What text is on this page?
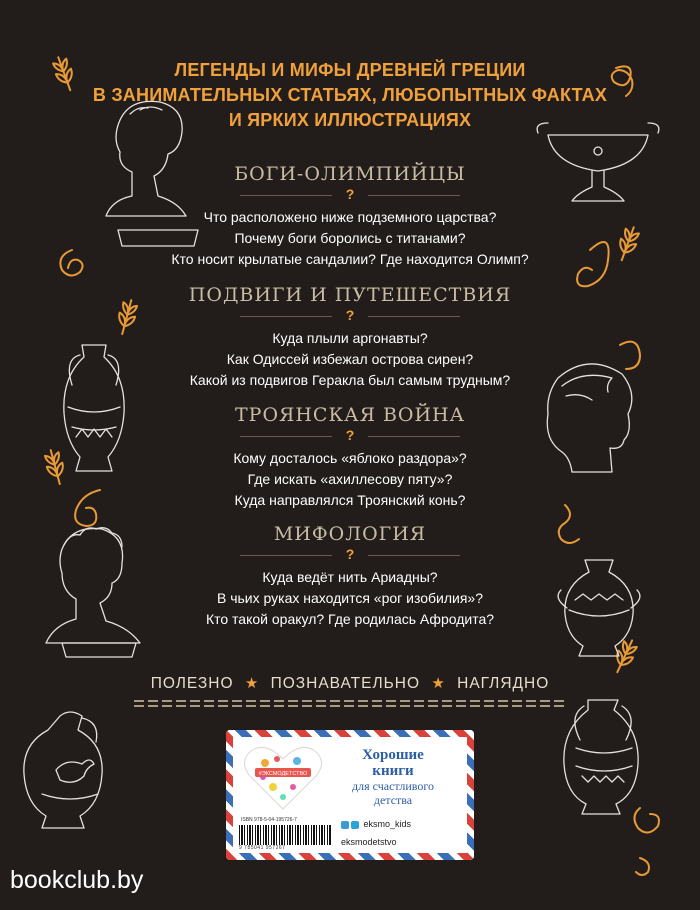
ЛЕГЕНДЫ И МИФЫ ДРЕВНЕЙ ГРЕЦИИ
В ЗАНИМАТЕЛЬНЫХ СТАТЬЯХ, ЛЮБОПЫТНЫХ ФАКТАХ
И ЯРКИХ ИЛЛЮСТРАЦИЯХ
БОГИ-ОЛИМПИЙЦЫ
?
Что расположено ниже подземного царства?
Почему боги боролись с титанами?
Кто носит крылатые сандалии? Где находится Олимп?
ПОДВИГИ И ПУТЕШЕСТВИЯ
?
Куда плыли аргонавты?
Как Одиссей избежал острова сирен?
Какой из подвигов Геракла был самым трудным?
ТРОЯНСКАЯ ВОЙНА
?
Кому досталось «яблоко раздора»?
Где искать «ахиллесову пяту»?
Куда направлялся Троянский конь?
МИФОЛОГИЯ
?
Куда ведёт нить Ариадны?
В чьих руках находится «рог изобилия»?
Кто такой оракул? Где родилась Афродита?
ПОЛЕЗНО ★ ПОЗНАВАТЕЛЬНО ★ НАГЛЯДНО
#ЭКСМОДЕТСТВО
Хорошие
книги
для счастливого
детства
ISBN 978-5-04-195726-7
9 785041 957267
eksmo_kids
eksmodetstvo
bookclub.by
